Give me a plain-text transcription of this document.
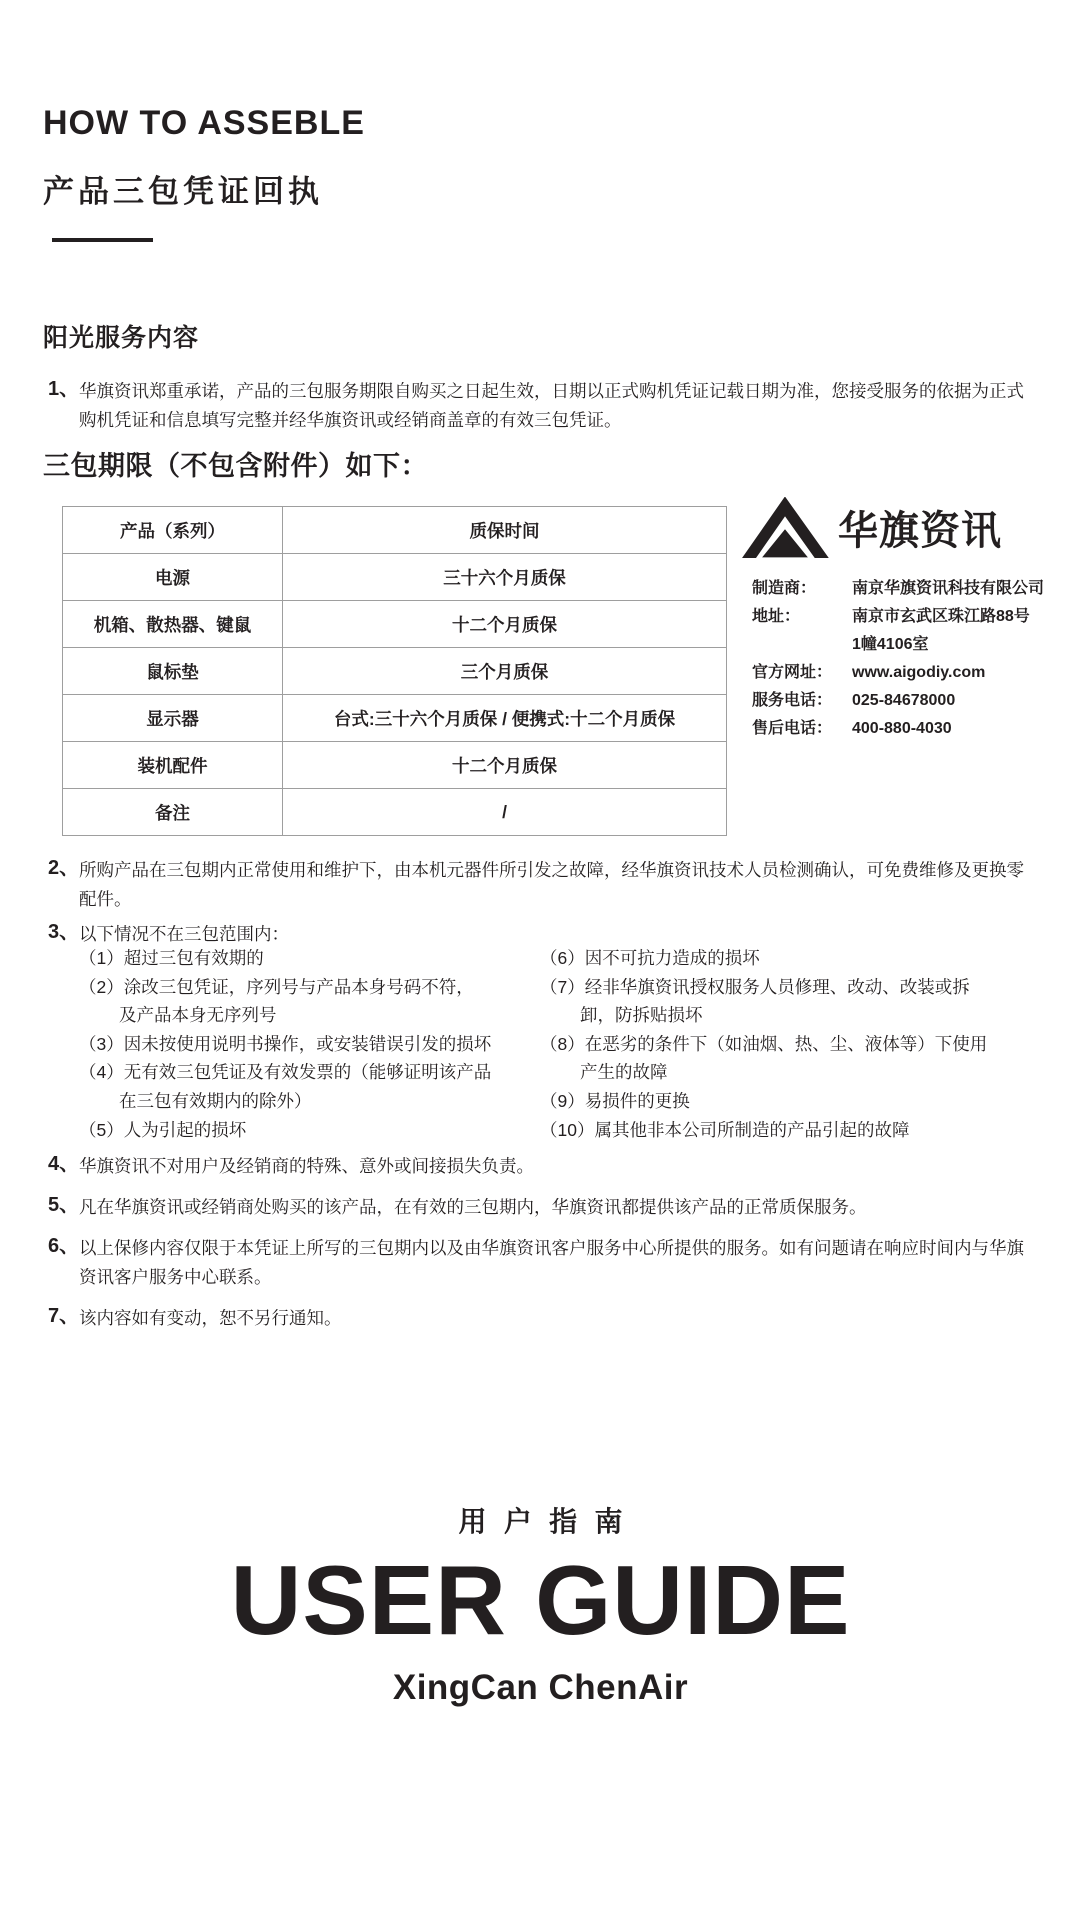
HOW TO ASSEBLE
产品三包凭证回执
阳光服务内容
1、 华旗资讯郑重承诺，产品的三包服务期限自购买之日起生效，日期以正式购机凭证记载日期为准，您接受服务的依据为正式购机凭证和信息填写完整并经华旗资讯或经销商盖章的有效三包凭证。
三包期限（不包含附件）如下：
产品（系列）	质保时间
电源	三十六个月质保
机箱、散热器、键鼠	十二个月质保
鼠标垫	三个月质保
显示器	台式:三十六个月质保 / 便携式:十二个月质保
装机配件	十二个月质保
备注	/
华旗资讯
制造商：	南京华旗资讯科技有限公司
地址：	南京市玄武区珠江路88号
1幢4106室
官方网址：	www.aigodiy.com
服务电话：	025-84678000
售后电话：	400-880-4030
2、 所购产品在三包期内正常使用和维护下，由本机元器件所引发之故障，经华旗资讯技术人员检测确认，可免费维修及更换零配件。
3、 以下情况不在三包范围内：
（1）超过三包有效期的
（2）涂改三包凭证，序列号与产品本身号码不符，
及产品本身无序列号
（3）因未按使用说明书操作，或安装错误引发的损坏
（4）无有效三包凭证及有效发票的（能够证明该产品
在三包有效期内的除外）
（5）人为引起的损坏
（6）因不可抗力造成的损坏
（7）经非华旗资讯授权服务人员修理、改动、改装或拆
卸，防拆贴损坏
（8）在恶劣的条件下（如油烟、热、尘、液体等）下使用
产生的故障
（9）易损件的更换
（10）属其他非本公司所制造的产品引起的故障
4、 华旗资讯不对用户及经销商的特殊、意外或间接损失负责。
5、 凡在华旗资讯或经销商处购买的该产品，在有效的三包期内，华旗资讯都提供该产品的正常质保服务。
6、 以上保修内容仅限于本凭证上所写的三包期内以及由华旗资讯客户服务中心所提供的服务。如有问题请在响应时间内与华旗资讯客户服务中心联系。
7、 该内容如有变动，恕不另行通知。
用户指南
USER GUIDE
XingCan ChenAir
